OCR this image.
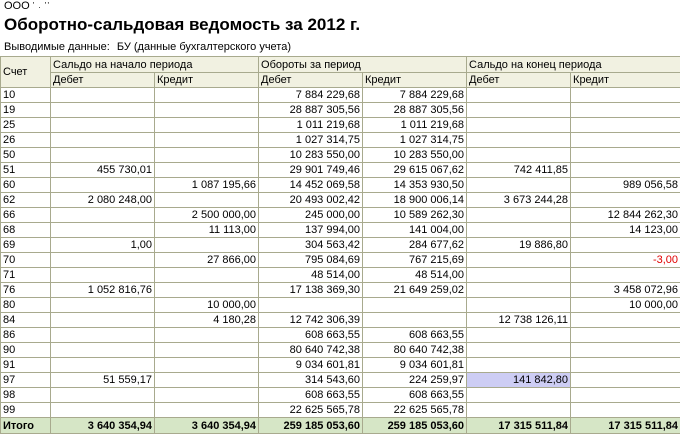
ООО ' . ''
Оборотно-сальдовая ведомость за 2012 г.
Выводимые данные: БУ (данные бухгалтерского учета)
Счет	Сальдо на начало периода		Обороты за период		Сальдо на конец периода	
	Дебет	Кредит	Дебет	Кредит	Дебет	Кредит
10			7 884 229,68	7 884 229,68		
19			28 887 305,56	28 887 305,56		
25			1 011 219,68	1 011 219,68		
26			1 027 314,75	1 027 314,75		
50			10 283 550,00	10 283 550,00		
51	455 730,01		29 901 749,46	29 615 067,62	742 411,85	
60		1 087 195,66	14 452 069,58	14 353 930,50		989 056,58
62	2 080 248,00		20 493 002,42	18 900 006,14	3 673 244,28	
66		2 500 000,00	245 000,00	10 589 262,30		12 844 262,30
68		11 113,00	137 994,00	141 004,00		14 123,00
69	1,00		304 563,42	284 677,62	19 886,80	
70		27 866,00	795 084,69	767 215,69		-3,00
71			48 514,00	48 514,00		
76	1 052 816,76		17 138 369,30	21 649 259,02		3 458 072,96
80		10 000,00				10 000,00
84		4 180,28	12 742 306,39		12 738 126,11	
86			608 663,55	608 663,55		
90			80 640 742,38	80 640 742,38		
91			9 034 601,81	9 034 601,81		
97	51 559,17		314 543,60	224 259,97	141 842,80	
98			608 663,55	608 663,55		
99			22 625 565,78	22 625 565,78		
Итого	3 640 354,94	3 640 354,94	259 185 053,60	259 185 053,60	17 315 511,84	17 315 511,84
